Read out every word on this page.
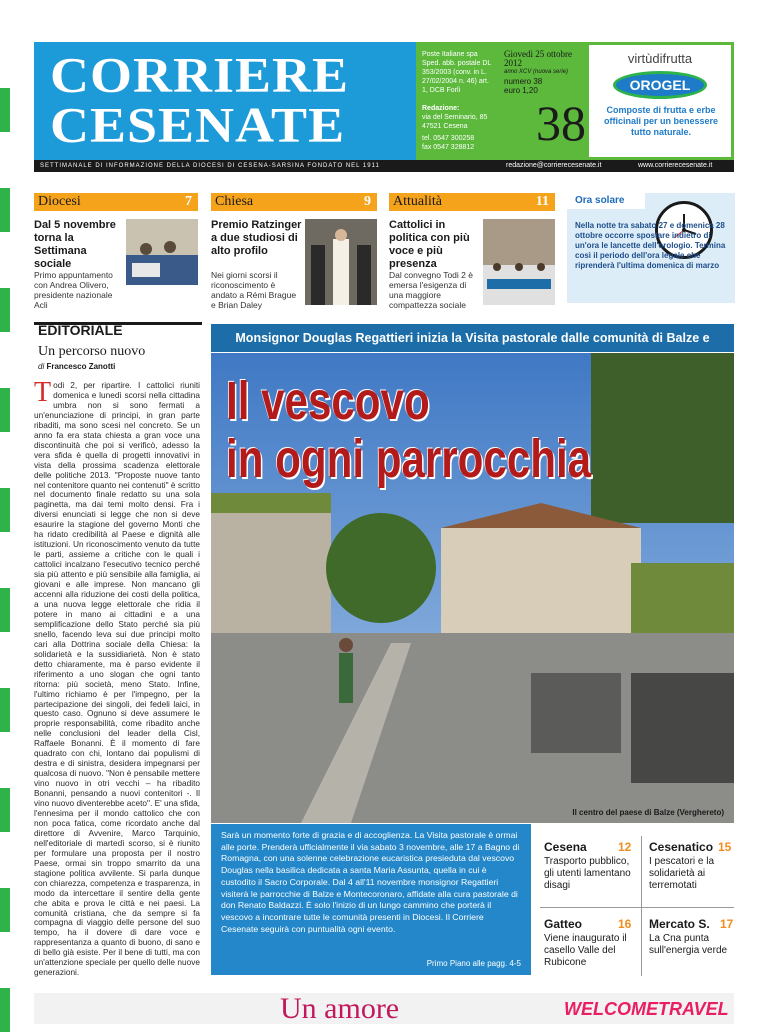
CORRIERE
CESENATE
Poste Italiane spa Sped. abb. postale DL 353/2003 (conv. in L. 27/02/2004 n. 46) art. 1, DCB Forlì
Redazione:
via del Seminario, 85 47521 Cesena
tel. 0547 300258
fax 0547 328812
Giovedì 25 ottobre 2012
anno XCV (nuova serie)
numero 38
euro 1,20
38
virtùdifrutta
OROGEL
Composte di frutta e erbe officinali per un benessere tutto naturale.
SETTIMANALE DI INFORMAZIONE DELLA DIOCESI DI CESENA-SARSINA FONDATO NEL 1911	redazione@corrierecesenate.it	www.corrierecesenate.it
Diocesi	7
Dal 5 novembre torna la Settimana sociale
Primo appuntamento con Andrea Olivero, presidente nazionale Acli
Chiesa	9
Premio Ratzinger a due studiosi di alto profilo
Nei giorni scorsi il riconoscimento è andato a Rémi Brague e Brian Daley
Attualità	11
Cattolici in politica con più voce e più presenza
Dal convegno Todi 2 è emersa l'esigenza di una maggiore compattezza sociale
Ora solare
Nella notte tra sabato 27 e domenica 28 ottobre occorre spostare indietro di un'ora le lancette dell'orologio. Termina così il periodo dell'ora legale che riprenderà l'ultima domenica di marzo
EDITORIALE
Un percorso nuovo
di Francesco Zanotti
Todi 2, per ripartire. I cattolici riuniti domenica e lunedì scorsi nella cittadina umbra non si sono fermati a un'enunciazione di principi, in gran parte ribaditi, ma sono scesi nel concreto. Se un anno fa era stata chiesta a gran voce una discontinuità che poi si verificò, adesso la vera sfida è quella di progetti innovativi in vista della prossima scadenza elettorale delle politiche 2013. "Proposte nuove tanto nel contenitore quanto nei contenuti" è scritto nel documento finale redatto su una sola paginetta, ma dai temi molto densi. Fra i diversi enunciati si legge che non si deve esaurire la stagione del governo Monti che ha ridato credibilità al Paese e dignità alle istituzioni. Un riconoscimento venuto da tutte le parti, assieme a critiche con le quali i cattolici incalzano l'esecutivo tecnico perché sia più attento e più sensibile alla famiglia, ai giovani e alle imprese. Non mancano gli accenni alla riduzione dei costi della politica, a una nuova legge elettorale che ridia il potere in mano ai cittadini e a una semplificazione dello Stato perché sia più snello, facendo leva sui due principi molto cari alla Dottrina sociale della Chiesa: la solidarietà e la sussidiarietà. Non è stato detto chiaramente, ma è parso evidente il riferimento a uno slogan che ogni tanto ritorna: più società, meno Stato. Infine, l'ultimo richiamo è per l'impegno, per la partecipazione dei singoli, dei fedeli laici, in questo caso. Ognuno si deve assumere le proprie responsabilità, come ribadito anche nelle conclusioni del leader della Cisl, Raffaele Bonanni. È il momento di fare quadrato con chi, lontano dai populismi di destra e di sinistra, desidera impegnarsi per qualcosa di nuovo. "Non è pensabile mettere vino nuovo in otri vecchi – ha ribadito Bonanni, pensando a nuovi contenitori -. Il vino nuovo diventerebbe aceto". E' una sfida, l'ennesima per il mondo cattolico che con non poca fatica, come ricordato anche dal direttore di Avvenire, Marco Tarquinio, nell'editoriale di martedì scorso, si è riunito per formulare una proposta per il nostro Paese, ormai sin troppo smarrito da una stagione politica avvilente. Si parla dunque con chiarezza, competenza e trasparenza, in modo da intercettare il sentire della gente che abita e prova le città e nei paesi. La comunità cristiana, che da sempre si fa compagna di viaggio delle persone del suo tempo, ha il dovere di dare voce e rappresentanza a quanto di buono, di sano e di bello già esiste. Per il bene di tutti, ma con un'attenzione speciale per quello delle nuove generazioni.
Monsignor Douglas Regattieri inizia la Visita pastorale dalle comunità di Balze e
Il vescovo
in ogni parrocchia
Il centro del paese di Balze (Verghereto)
Sarà un momento forte di grazia e di accoglienza. La Visita pastorale è ormai alle porte. Prenderà ufficialmente il via sabato 3 novembre, alle 17 a Bagno di Romagna, con una solenne celebrazione eucaristica presieduta dal vescovo Douglas nella basilica dedicata a santa Maria Assunta, quella in cui è custodito il Sacro Corporale. Dal 4 all'11 novembre monsignor Regattieri visiterà le parrocchie di Balze e Montecoronaro, affidate alla cura pastorale di don Renato Baldazzi. È solo l'inizio di un lungo cammino che porterà il vescovo a incontrare tutte le comunità presenti in Diocesi. Il Corriere Cesenate seguirà con puntualità ogni evento.
Primo Piano alle pagg. 4-5
Cesena	12
Trasporto pubblico, gli utenti lamentano disagi
Cesenatico 15
I pescatori e la solidarietà ai terremotati
Gatteo	16
Viene inaugurato il casello Valle del Rubicone
Mercato S. 17
La Cna punta sull'energia verde
Un amore	WELCOMETRAVEL
